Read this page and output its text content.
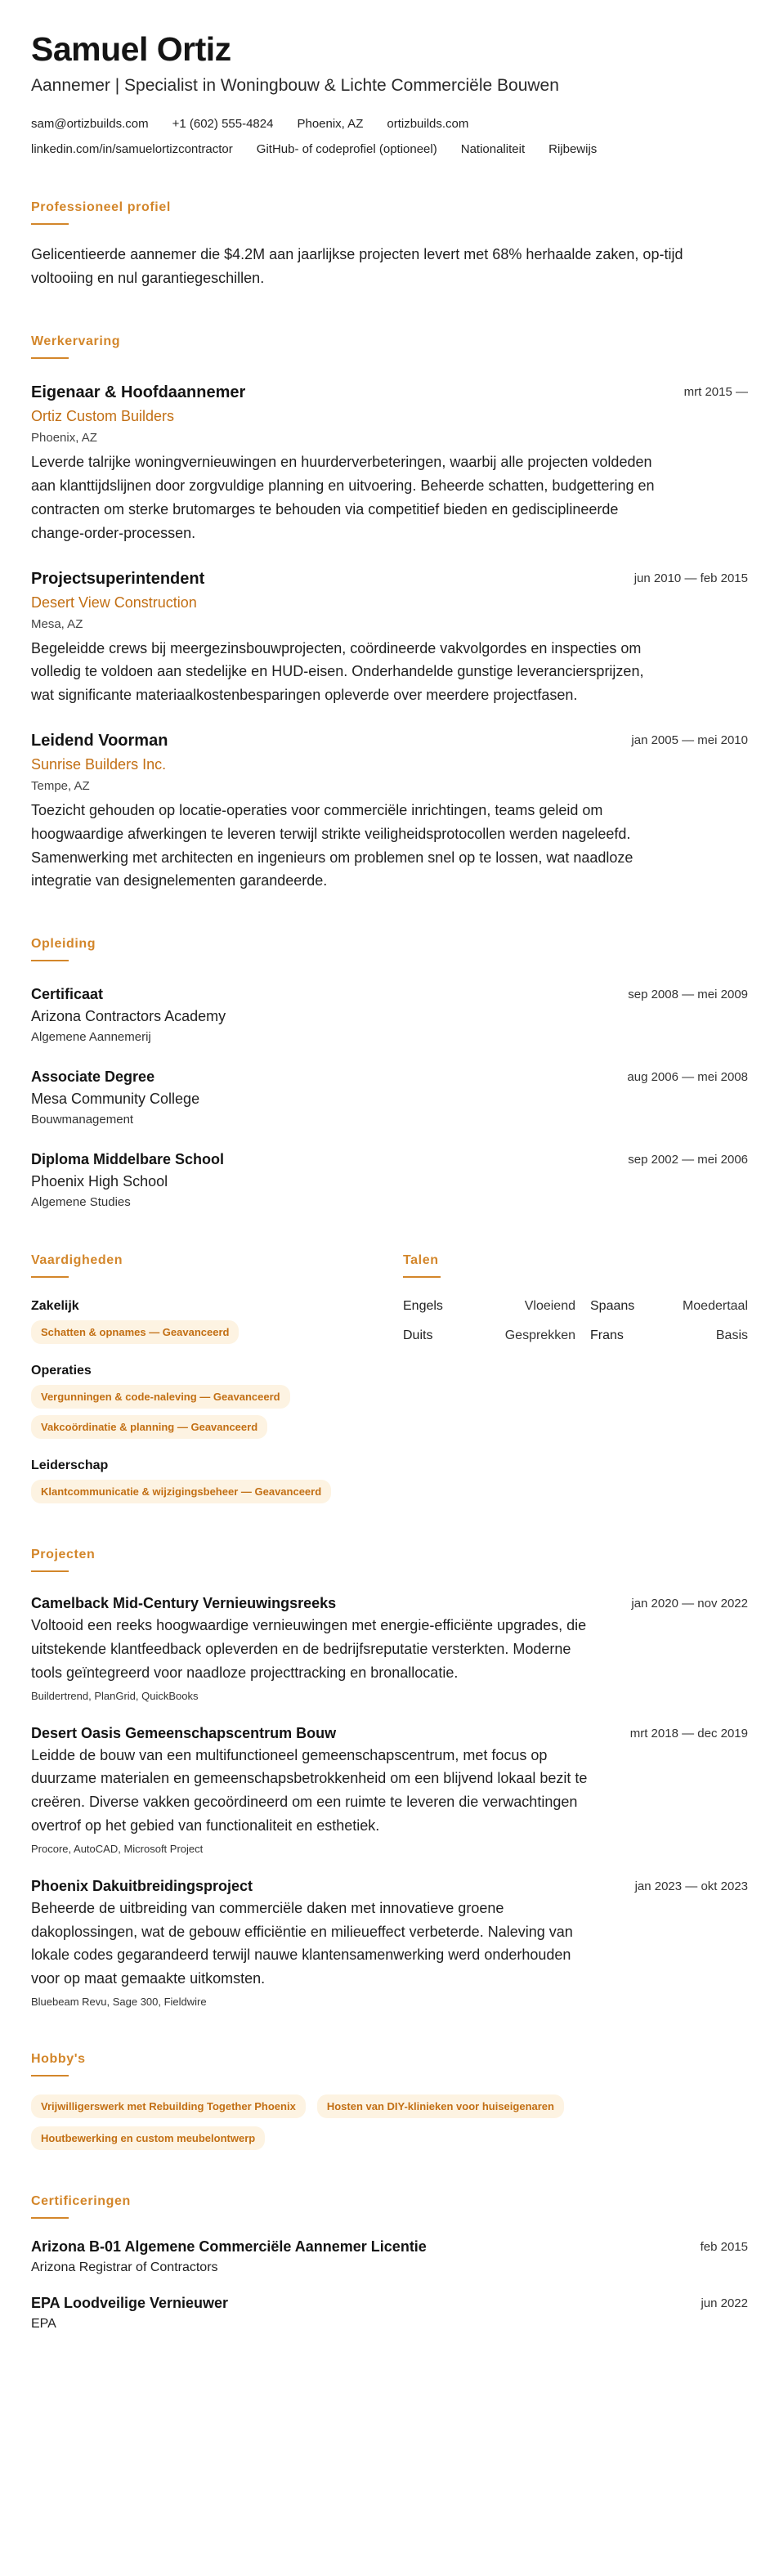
Samuel Ortiz
Aannemer | Specialist in Woningbouw & Lichte Commerciële Bouwen
sam@ortizbuilds.com +1 (602) 555-4824 Phoenix, AZ ortizbuilds.com
linkedin.com/in/samuelortizcontractor GitHub- of codeprofiel (optioneel) Nationaliteit Rijbewijs
Professioneel profiel

Gelicentieerde aannemer die $4.2M aan jaarlijkse projecten levert met 68% herhaalde zaken, op-tijd voltooiing en nul garantiegeschillen.

Werkervaring
Eigenaar & Hoofdaannemer	mrt 2015 —
Ortiz Custom Builders
Phoenix, AZ

Leverde talrijke woningvernieuwingen en huurderverbeteringen, waarbij alle projecten voldeden aan klanttijdslijnen door zorgvuldige planning en uitvoering. Beheerde schatten, budgettering en contracten om sterke brutomarges te behouden via competitief bieden en gedisciplineerde change-order-processen.

Projectsuperintendent	jun 2010 — feb 2015
Desert View Construction
Mesa, AZ

Begeleidde crews bij meergezinsbouwprojecten, coördineerde vakvolgordes en inspecties om volledig te voldoen aan stedelijke en HUD-eisen. Onderhandelde gunstige leveranciersprijzen, wat significante materiaalkostenbesparingen opleverde over meerdere projectfasen.

Leidend Voorman	jan 2005 — mei 2010
Sunrise Builders Inc.
Tempe, AZ

Toezicht gehouden op locatie-operaties voor commerciële inrichtingen, teams geleid om hoogwaardige afwerkingen te leveren terwijl strikte veiligheidsprotocollen werden nageleefd. Samenwerking met architecten en ingenieurs om problemen snel op te lossen, wat naadloze integratie van designelementen garandeerde.

Opleiding
Certificaat	sep 2008 — mei 2009
Arizona Contractors Academy
Algemene Aannemerij
Associate Degree	aug 2006 — mei 2008
Mesa Community College
Bouwmanagement
Diploma Middelbare School	sep 2002 — mei 2006
Phoenix High School
Algemene Studies
Vaardigheden
Zakelijk
Schatten & opnames — Geavanceerd
Operaties
Vergunningen & code-naleving — Geavanceerd
Vakcoördinatie & planning — Geavanceerd
Leiderschap
Klantcommunicatie & wijzigingsbeheer — Geavanceerd
Talen
Engels	Vloeiend	Spaans	Moedertaal
Duits	Gesprekken	Frans	Basis
Projecten
Camelback Mid-Century Vernieuwingsreeks	jan 2020 — nov 2022

Voltooid een reeks hoogwaardige vernieuwingen met energie-efficiënte upgrades, die uitstekende klantfeedback opleverden en de bedrijfsreputatie versterkten. Moderne tools geïntegreerd voor naadloze projecttracking en bronallocatie.

Buildertrend, PlanGrid, QuickBooks
Desert Oasis Gemeenschapscentrum Bouw	mrt 2018 — dec 2019

Leidde de bouw van een multifunctioneel gemeenschapscentrum, met focus op duurzame materialen en gemeenschapsbetrokkenheid om een blijvend lokaal bezit te creëren. Diverse vakken gecoördineerd om een ruimte te leveren die verwachtingen overtrof op het gebied van functionaliteit en esthetiek.

Procore, AutoCAD, Microsoft Project
Phoenix Dakuitbreidingsproject	jan 2023 — okt 2023

Beheerde de uitbreiding van commerciële daken met innovatieve groene dakoplossingen, wat de gebouw efficiëntie en milieueffect verbeterde. Naleving van lokale codes gegarandeerd terwijl nauwe klantensamenwerking werd onderhouden voor op maat gemaakte uitkomsten.

Bluebeam Revu, Sage 300, Fieldwire
Hobby's
Vrijwilligerswerk met Rebuilding Together Phoenix	Hosten van DIY-klinieken voor huiseigenaren
Houtbewerking en custom meubelontwerp
Certificeringen
Arizona B-01 Algemene Commerciële Aannemer Licentie	feb 2015
Arizona Registrar of Contractors
EPA Loodveilige Vernieuwer	jun 2022
EPA
